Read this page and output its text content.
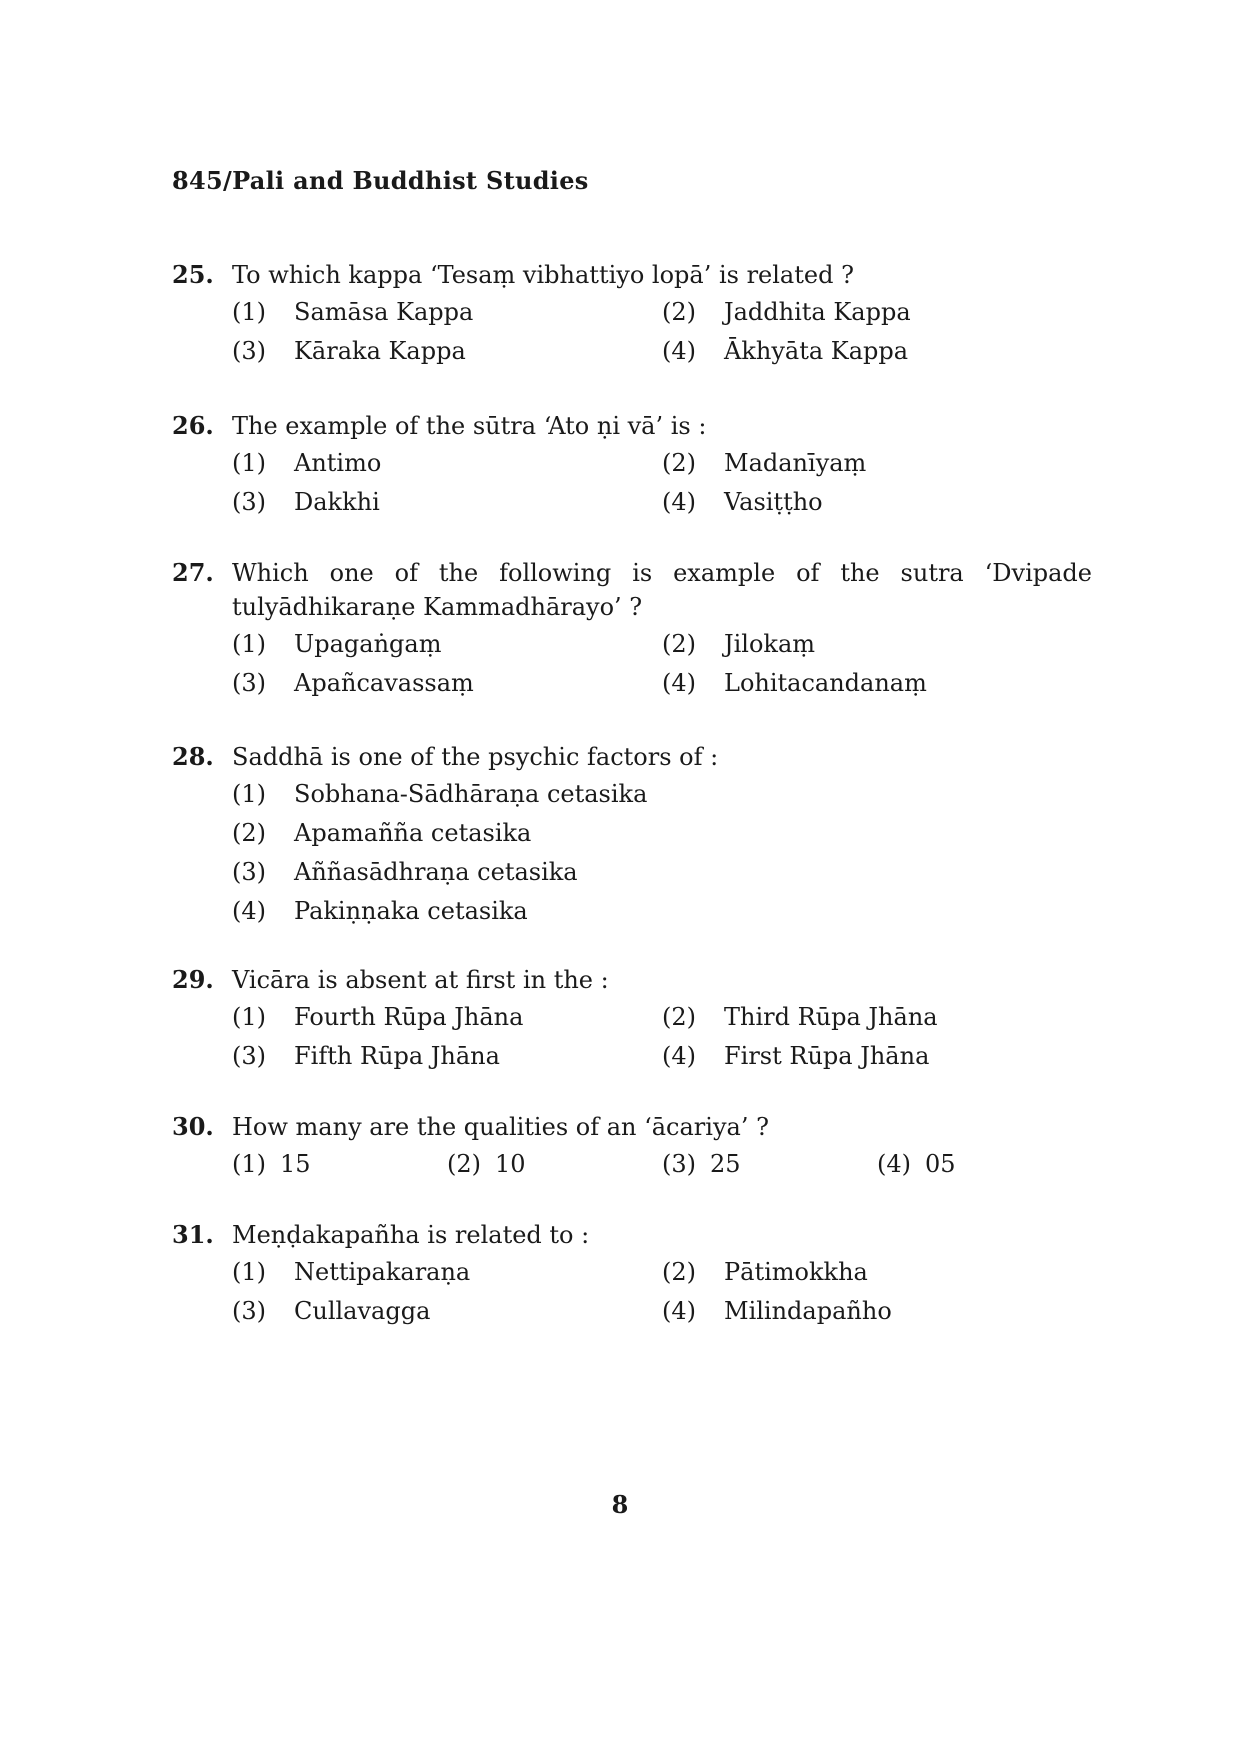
845/Pali and Buddhist Studies
25. To which kappa ‘Tesaṃ vibhattiyo lopā’ is related ?
(1)	Samāsa Kappa	(2)	Jaddhita Kappa
(3)	Kāraka Kappa	(4)	Ākhyāta Kappa
26. The example of the sūtra ‘Ato ṇi vā’ is :
(1)	Antimo	(2)	Madanīyaṃ
(3)	Dakkhi	(4)	Vasiṭṭho
27. Which one of the following is example of the sutra ‘Dvipade tulyādhikaraṇe Kammadhārayo’ ?
(1)	Upagaṅgaṃ	(2)	Jilokaṃ
(3)	Apañcavassaṃ	(4)	Lohitacandanaṃ
28. Saddhā is one of the psychic factors of :
(1)	Sobhana-Sādhāraṇa cetasika
(2)	Apamañña cetasika
(3)	Aññasādhraṇa cetasika
(4)	Pakiṇṇaka cetasika
29. Vicāra is absent at first in the :
(1)	Fourth Rūpa Jhāna	(2)	Third Rūpa Jhāna
(3)	Fifth Rūpa Jhāna	(4)	First Rūpa Jhāna
30. How many are the qualities of an ‘ācariya’ ?
(1) 15	(2) 10	(3) 25	(4) 05
31. Meṇḍakapañha is related to :
(1)	Nettipakaraṇa	(2)	Pātimokkha
(3)	Cullavagga	(4)	Milindapañho
8
